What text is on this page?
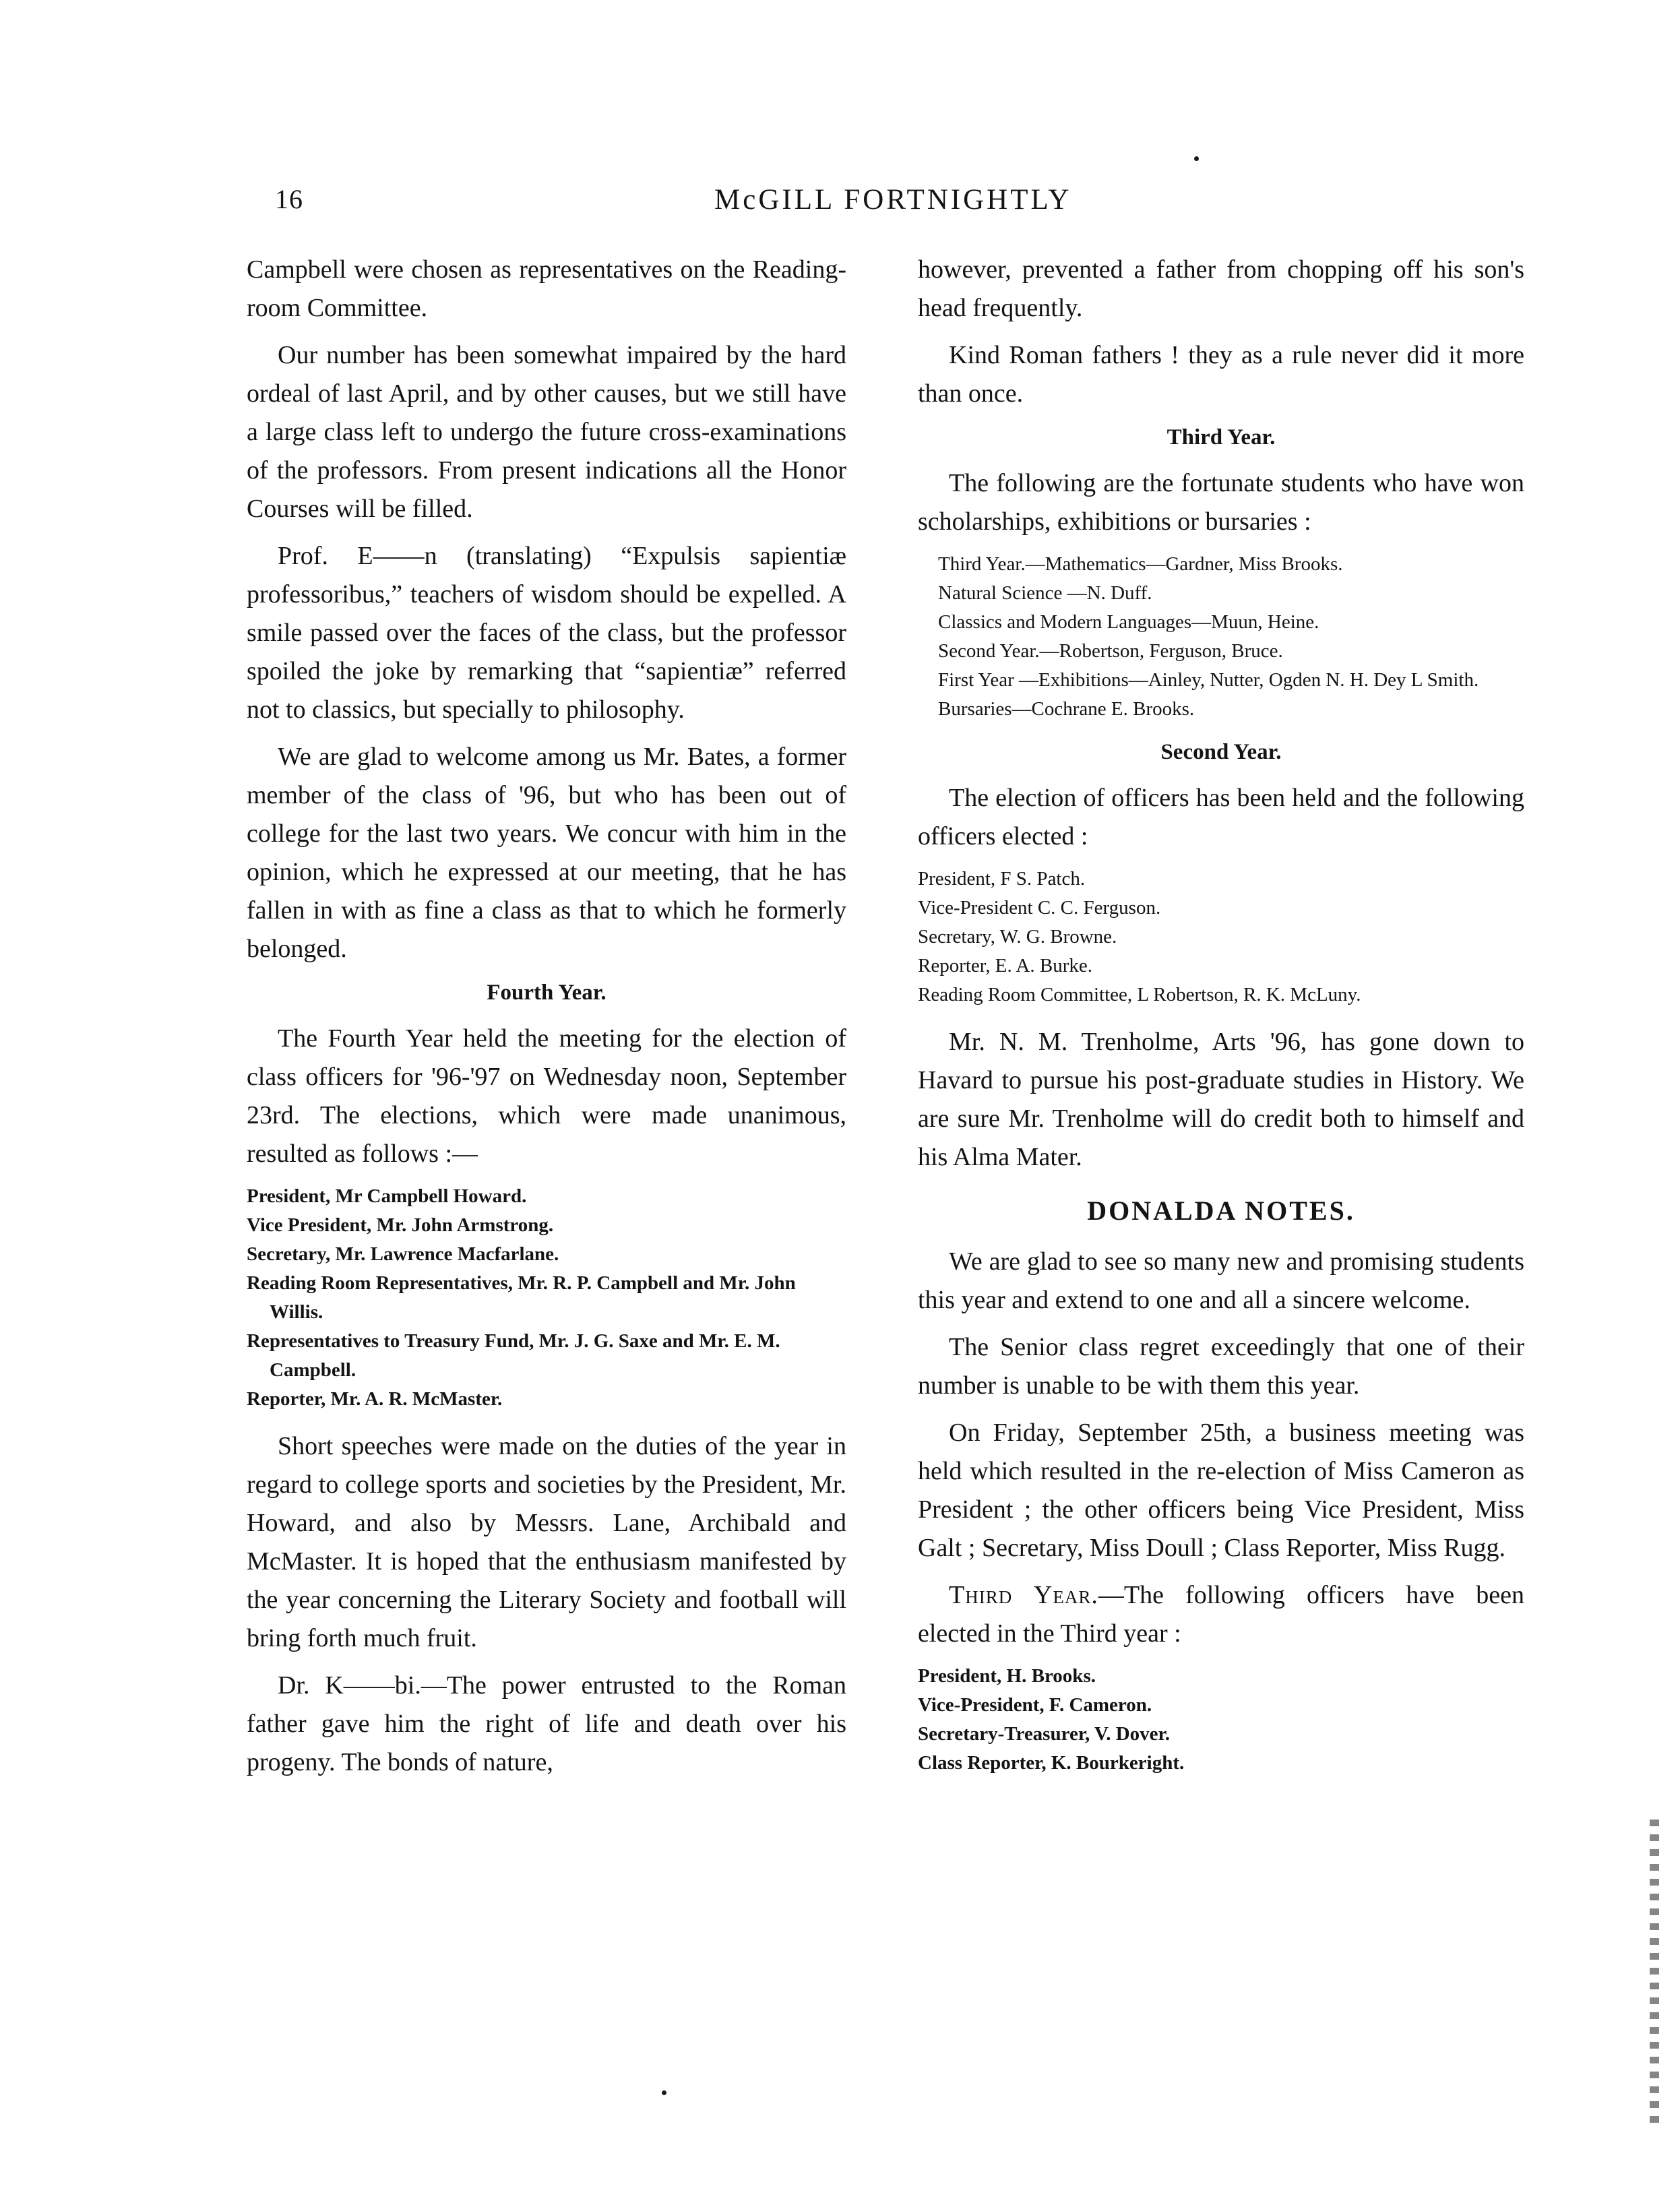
16	McGILL FORTNIGHTLY

Campbell were chosen as representatives on the Reading-room Committee.

Our number has been somewhat impaired by the hard ordeal of last April, and by other causes, but we still have a large class left to undergo the future cross-examinations of the professors. From present indications all the Honor Courses will be filled.

Prof. E——n (translating) “Expulsis sapientiæ professoribus,” teachers of wisdom should be expelled. A smile passed over the faces of the class, but the professor spoiled the joke by remarking that “sapientiæ” referred not to classics, but specially to philosophy.

We are glad to welcome among us Mr. Bates, a former member of the class of '96, but who has been out of college for the last two years. We concur with him in the opinion, which he expressed at our meeting, that he has fallen in with as fine a class as that to which he formerly belonged.

Fourth Year.

The Fourth Year held the meeting for the election of class officers for '96-'97 on Wednesday noon, September 23rd. The elections, which were made unanimous, resulted as follows :—

President, Mr Campbell Howard.
Vice President, Mr. John Armstrong.
Secretary, Mr. Lawrence Macfarlane.
Reading Room Representatives, Mr. R. P. Campbell and Mr. John Willis.
Representatives to Treasury Fund, Mr. J. G. Saxe and Mr. E. M. Campbell.
Reporter, Mr. A. R. McMaster.

Short speeches were made on the duties of the year in regard to college sports and societies by the President, Mr. Howard, and also by Messrs. Lane, Archibald and McMaster. It is hoped that the enthusiasm manifested by the year concerning the Literary Society and football will bring forth much fruit.

Dr. K——bi.—The power entrusted to the Roman father gave him the right of life and death over his progeny. The bonds of nature,

however, prevented a father from chopping off his son's head frequently.

Kind Roman fathers ! they as a rule never did it more than once.

Third Year.

The following are the fortunate students who have won scholarships, exhibitions or bursaries :

Third Year.—Mathematics—Gardner, Miss Brooks.
Natural Science —N. Duff.
Classics and Modern Languages—Muun, Heine.
Second Year.—Robertson, Ferguson, Bruce.
First Year —Exhibitions—Ainley, Nutter, Ogden N. H. Dey L Smith.
Bursaries—Cochrane E. Brooks.
Second Year.

The election of officers has been held and the following officers elected :

President, F S. Patch.
Vice-President C. C. Ferguson.
Secretary, W. G. Browne.
Reporter, E. A. Burke.
Reading Room Committee, L Robertson, R. K. McLuny.

Mr. N. M. Trenholme, Arts '96, has gone down to Havard to pursue his post-graduate studies in History. We are sure Mr. Trenholme will do credit both to himself and his Alma Mater.

DONALDA NOTES.

We are glad to see so many new and promising students this year and extend to one and all a sincere welcome.

The Senior class regret exceedingly that one of their number is unable to be with them this year.

On Friday, September 25th, a business meeting was held which resulted in the re-election of Miss Cameron as President ; the other officers being Vice President, Miss Galt ; Secretary, Miss Doull ; Class Reporter, Miss Rugg.

Third Year.—The following officers have been elected in the Third year :

President, H. Brooks.
Vice-President, F. Cameron.
Secretary-Treasurer, V. Dover.
Class Reporter, K. Bourkeright.
